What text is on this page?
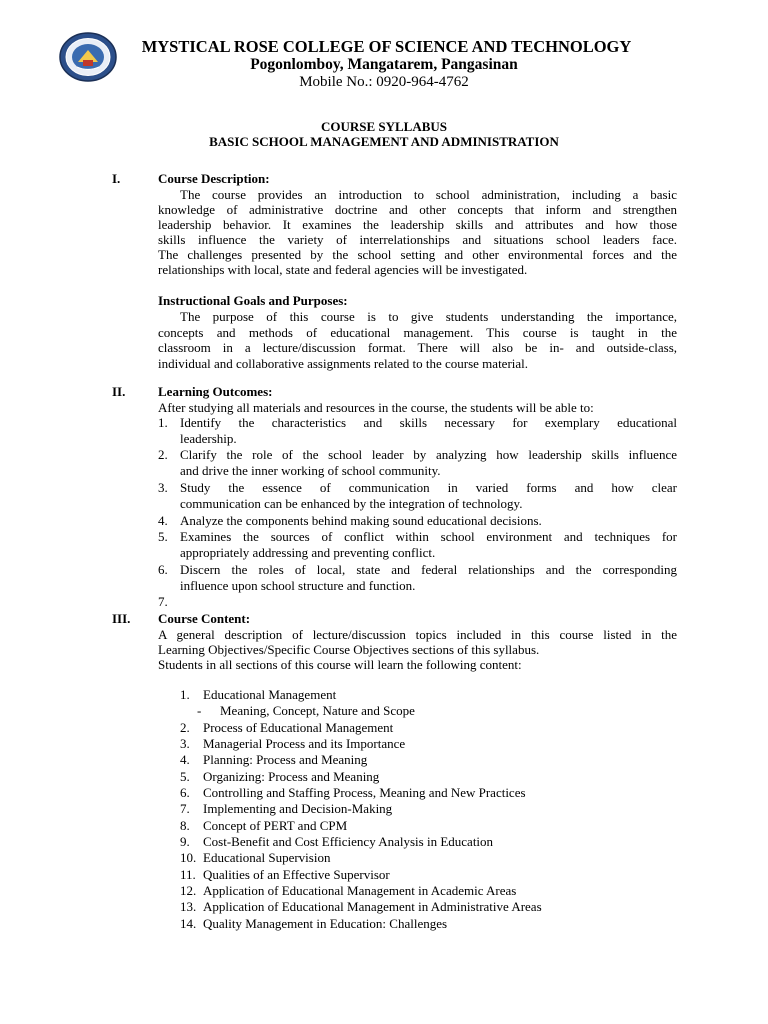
MYSTICAL ROSE COLLEGE OF SCIENCE AND TECHNOLOGY
Pogonlomboy, Mangatarem, Pangasinan
Mobile No.: 0920-964-4762
COURSE SYLLABUS
BASIC SCHOOL MANAGEMENT AND ADMINISTRATION
I.	Course Description:
The course provides an introduction to school administration, including a basic
knowledge of administrative doctrine and other concepts that inform and strengthen
leadership behavior. It examines the leadership skills and attributes and how those
skills influence the variety of interrelationships and situations school leaders face.
The challenges presented by the school setting and other environmental forces and the
relationships with local, state and federal agencies will be investigated.
Instructional Goals and Purposes:
The purpose of this course is to give students understanding the importance,
concepts and methods of educational management. This course is taught in the
classroom in a lecture/discussion format. There will also be in- and outside-class,
individual and collaborative assignments related to the course material.
II.	Learning Outcomes:
After studying all materials and resources in the course, the students will be able to:
1. Identify the characteristics and skills necessary for exemplary educational
leadership.
2. Clarify the role of the school leader by analyzing how leadership skills influence
and drive the inner working of school community.
3. Study the essence of communication in varied forms and how clear
communication can be enhanced by the integration of technology.
4. Analyze the components behind making sound educational decisions.
5. Examines the sources of conflict within school environment and techniques for
appropriately addressing and preventing conflict.
6. Discern the roles of local, state and federal relationships and the corresponding
influence upon school structure and function.
7.
III. Course Content:
A general description of lecture/discussion topics included in this course listed in the
Learning Objectives/Specific Course Objectives sections of this syllabus.
Students in all sections of this course will learn the following content:
1. Educational Management
- Meaning, Concept, Nature and Scope
2. Process of Educational Management
3. Managerial Process and its Importance
4. Planning: Process and Meaning
5. Organizing: Process and Meaning
6. Controlling and Staffing Process, Meaning and New Practices
7. Implementing and Decision-Making
8. Concept of PERT and CPM
9. Cost-Benefit and Cost Efficiency Analysis in Education
10. Educational Supervision
11. Qualities of an Effective Supervisor
12. Application of Educational Management in Academic Areas
13. Application of Educational Management in Administrative Areas
14. Quality Management in Education: Challenges
